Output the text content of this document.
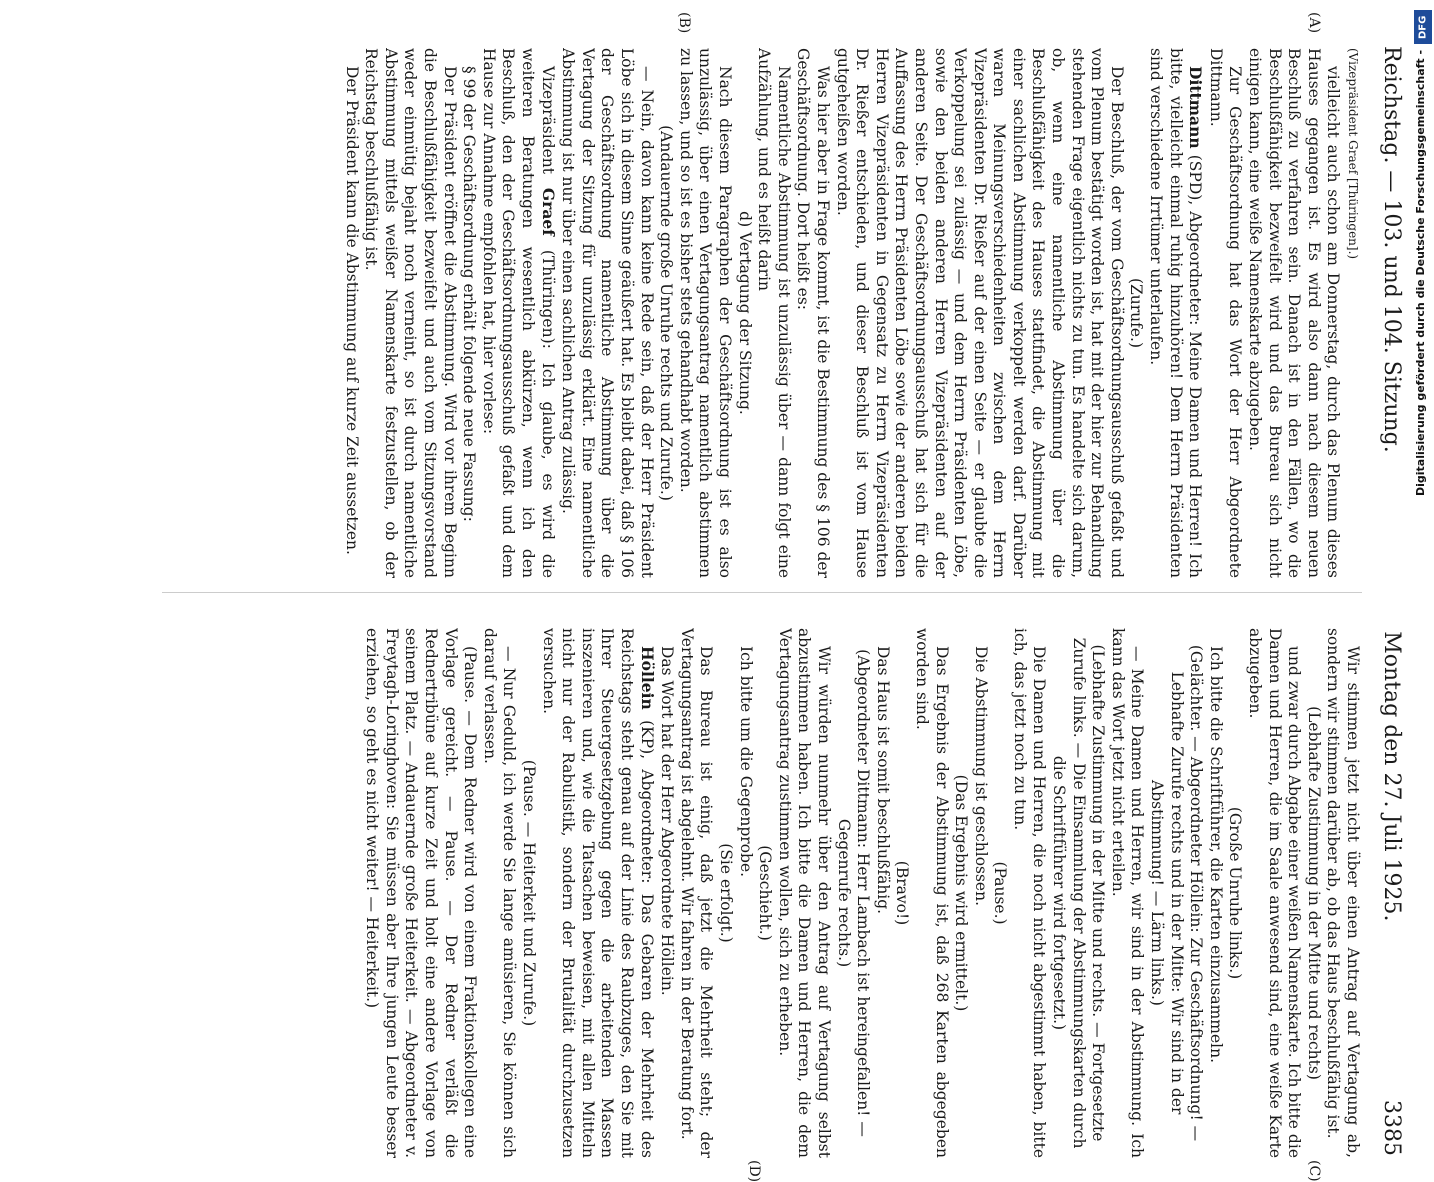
Reichstag. — 103. und 104. Sitzung.
Montag den 27. Juli 1925.
3385
(A)
(B)
(C)
(D)

(Vizepräsident Graef [Thüringen].)

vielleicht auch schon am Donnerstag, durch das Plenum dieses Hauses gegangen ist. Es wird also dann nach diesem neuen Beschluß zu verfahren sein. Danach ist in den Fällen, wo die Beschlußfähigkeit bezweifelt wird und das Bureau sich nicht einigen kann, eine weiße Namenskarte abzugeben.

Zur Geschäftsordnung hat das Wort der Herr Abgeordnete Dittmann.

Dittmann (SPD), Abgeordneter: Meine Damen und Herren! Ich bitte, vielleicht einmal ruhig hinzuhören! Dem Herrn Präsidenten sind verschiedene Irrtümer unterlaufen.

(Zurufe.)

Der Beschluß, der vom Geschäftsordnungsausschuß gefaßt und vom Plenum bestätigt worden ist, hat mit der hier zur Behandlung stehenden Frage eigentlich nichts zu tun. Es handelte sich darum, ob, wenn eine namentliche Abstimmung über die Beschlußfähigkeit des Hauses stattfindet, die Abstimmung mit einer sachlichen Abstimmung verkoppelt werden darf. Darüber waren Meinungsverschiedenheiten zwischen dem Herrn Vizepräsidenten Dr. Rießer auf der einen Seite — er glaubte die Verkoppelung sei zulässig — und dem Herrn Präsidenten Löbe, sowie den beiden anderen Herren Vizepräsidenten auf der anderen Seite. Der Geschäftsordnungsausschuß hat sich für die Auffassung des Herrn Präsidenten Löbe sowie der anderen beiden Herren Vizepräsidenten in Gegensatz zu Herrn Vizepräsidenten Dr. Rießer entschieden, und dieser Beschluß ist vom Hause gutgeheißen worden.

Was hier aber in Frage kommt, ist die Bestimmung des § 106 der Geschäftsordnung. Dort heißt es:

Namentliche Abstimmung ist unzulässig über — dann folgt eine Aufzählung, und es heißt darin

d) Vertagung der Sitzung.

Nach diesem Paragraphen der Geschäftsordnung ist es also unzulässig, über einen Vertagungsantrag namentlich abstimmen zu lassen, und so ist es bisher stets gehandhabt worden.

(Andauernde große Unruhe rechts und Zurufe.)

— Nein, davon kann keine Rede sein, daß der Herr Präsident Löbe sich in diesem Sinne geäußert hat. Es bleibt dabei, daß § 106 der Geschäftsordnung namentliche Abstimmung über die Vertagung der Sitzung für unzulässig erklärt. Eine namentliche Abstimmung ist nur über einen sachlichen Antrag zulässig.

Vizepräsident Graef (Thüringen): Ich glaube, es wird die weiteren Beratungen wesentlich abkürzen, wenn ich den Beschluß, den der Geschäftsordnungsausschuß gefaßt und dem Hause zur Annahme empfohlen hat, hier vorlese:

§ 99 der Geschäftsordnung erhält folgende neue Fassung:

Der Präsident eröffnet die Abstimmung. Wird vor ihrem Beginn die Beschlußfähigkeit bezweifelt und auch vom Sitzungsvorstand weder einmütig bejaht noch verneint, so ist durch namentliche Abstimmung mittels weißer Namenskarte festzustellen, ob der Reichstag beschlußfähig ist.

Der Präsident kann die Abstimmung auf kurze Zeit aussetzen.

Wir stimmen jetzt nicht über einen Antrag auf Vertagung ab, sondern wir stimmen darüber ab, ob das Haus beschlußfähig ist.

(Lebhafte Zustimmung in der Mitte und rechts)

und zwar durch Abgabe einer weißen Namenskarte. Ich bitte die Damen und Herren, die im Saale anwesend sind, eine weiße Karte abzugeben.

(Große Unruhe links.)

Ich bitte die Schriftführer, die Karten einzusammeln.

(Gelächter. — Abgeordneter Höllein: Zur Geschäftsordnung! — Lebhafte Zurufe rechts und in der Mitte: Wir sind in der Abstimmung! — Lärm links.)

— Meine Damen und Herren, wir sind in der Abstimmung. Ich kann das Wort jetzt nicht erteilen.

(Lebhafte Zustimmung in der Mitte und rechts. — Fortgesetzte Zurufe links. — Die Einsammlung der Abstimmungskarten durch die Schriftführer wird fortgesetzt.)

Die Damen und Herren, die noch nicht abgestimmt haben, bitte ich, das jetzt noch zu tun.

(Pause.)

Die Abstimmung ist geschlossen.

(Das Ergebnis wird ermittelt.)

Das Ergebnis der Abstimmung ist, daß 268 Karten abgegeben worden sind.

(Bravo!)

Das Haus ist somit beschlußfähig.

(Abgeordneter Dittmann: Herr Lambach ist hereingefallen! — Gegenrufe rechts.)

Wir würden nunmehr über den Antrag auf Vertagung selbst abzustimmen haben. Ich bitte die Damen und Herren, die dem Vertagungsantrag zustimmen wollen, sich zu erheben.

(Geschieht.)

Ich bitte um die Gegenprobe.

(Sie erfolgt.)

Das Bureau ist einig, daß jetzt die Mehrheit steht; der Vertagungsantrag ist abgelehnt. Wir fahren in der Beratung fort.

Das Wort hat der Herr Abgeordnete Höllein.

Höllein (KP), Abgeordneter: Das Gebaren der Mehrheit des Reichstags steht genau auf der Linie des Raubzuges, den Sie mit Ihrer Steuergesetzgebung gegen die arbeitenden Massen inszenieren und, wie die Tatsachen beweisen, mit allen Mitteln nicht nur der Rabulistik, sondern der Brutalität durchzusetzen versuchen.

(Pause. — Heiterkeit und Zurufe.)

— Nur Geduld, ich werde Sie lange amüsieren, Sie können sich darauf verlassen.

(Pause. — Dem Redner wird von einem Fraktionskollegen eine Vorlage gereicht. — Pause. — Der Redner verläßt die Rednertribüne auf kurze Zeit und holt eine andere Vorlage von seinem Platz. — Andauernde große Heiterkeit. — Abgeordneter v. Freytagh-Loringhoven: Sie müssen aber Ihre jungen Leute besser erziehen, so geht es nicht weiter! — Heiterkeit.)

DFG
Digitalisierung gefördert durch die Deutsche Forschungsgemeinschaft -
